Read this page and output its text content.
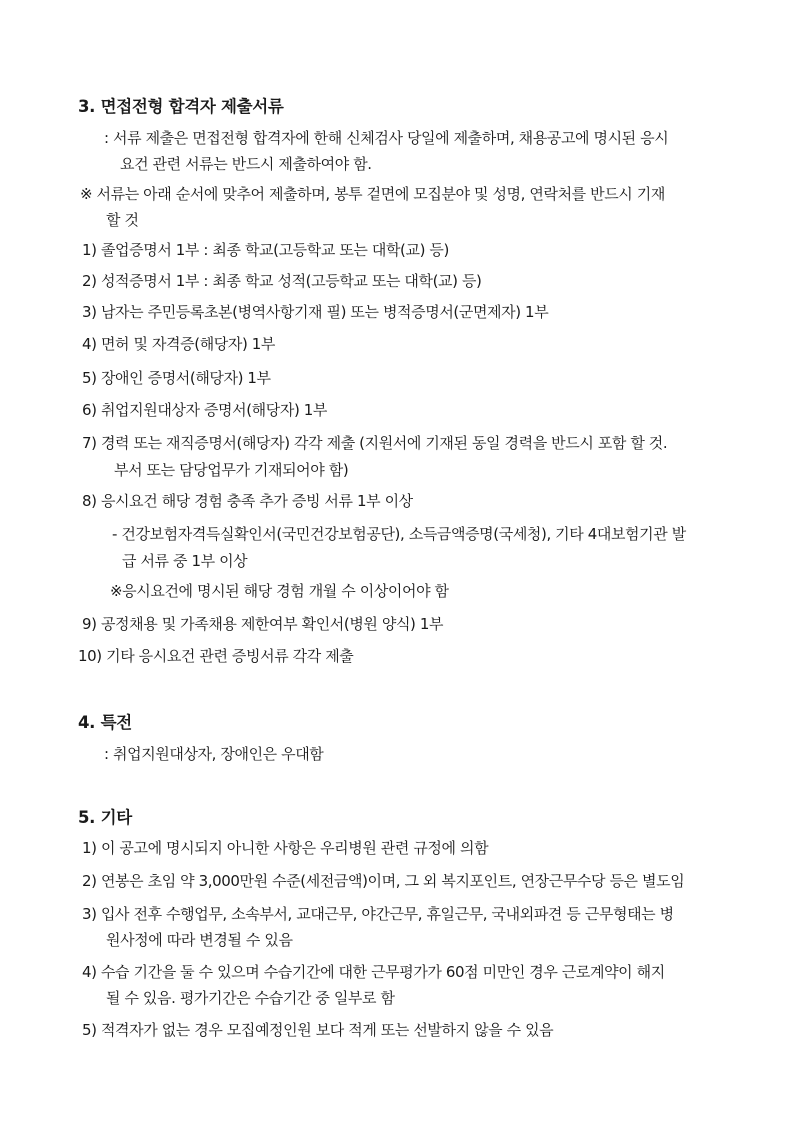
3. 면접전형 합격자 제출서류
: 서류 제출은 면접전형 합격자에 한해 신체검사 당일에 제출하며, 채용공고에 명시된 응시
요건 관련 서류는 반드시 제출하여야 함.
※ 서류는 아래 순서에 맞추어 제출하며, 봉투 겉면에 모집분야 및 성명, 연락처를 반드시 기재
할 것
1) 졸업증명서 1부 : 최종 학교(고등학교 또는 대학(교) 등)
2) 성적증명서 1부 : 최종 학교 성적(고등학교 또는 대학(교) 등)
3) 남자는 주민등록초본(병역사항기재 필) 또는 병적증명서(군면제자) 1부
4) 면허 및 자격증(해당자) 1부
5) 장애인 증명서(해당자) 1부
6) 취업지원대상자 증명서(해당자) 1부
7) 경력 또는 재직증명서(해당자) 각각 제출 (지원서에 기재된 동일 경력을 반드시 포함 할 것.
부서 또는 담당업무가 기재되어야 함)
8) 응시요건 해당 경험 충족 추가 증빙 서류 1부 이상
- 건강보험자격득실확인서(국민건강보험공단), 소득금액증명(국세청), 기타 4대보험기관 발
급 서류 중 1부 이상
※응시요건에 명시된 해당 경험 개월 수 이상이어야 함
9) 공정채용 및 가족채용 제한여부 확인서(병원 양식) 1부
10) 기타 응시요건 관련 증빙서류 각각 제출
4. 특전
: 취업지원대상자, 장애인은 우대함
5. 기타
1) 이 공고에 명시되지 아니한 사항은 우리병원 관련 규정에 의함
2) 연봉은 초임 약 3,000만원 수준(세전금액)이며, 그 외 복지포인트, 연장근무수당 등은 별도임
3) 입사 전후 수행업무, 소속부서, 교대근무, 야간근무, 휴일근무, 국내외파견 등 근무형태는 병
원사정에 따라 변경될 수 있음
4) 수습 기간을 둘 수 있으며 수습기간에 대한 근무평가가 60점 미만인 경우 근로계약이 해지
될 수 있음. 평가기간은 수습기간 중 일부로 함
5) 적격자가 없는 경우 모집예정인원 보다 적게 또는 선발하지 않을 수 있음
